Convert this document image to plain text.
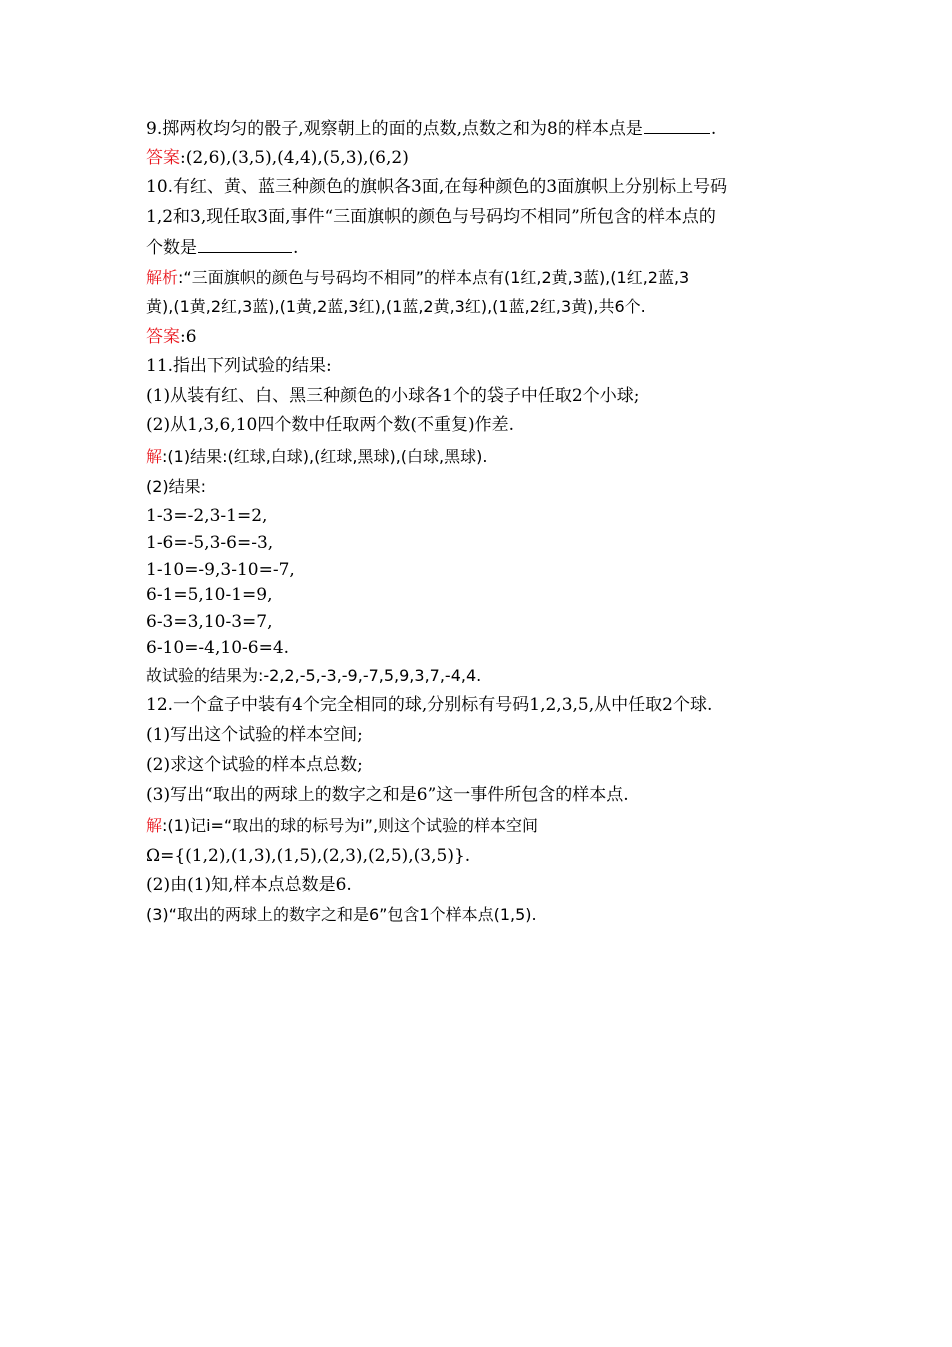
9.掷两枚均匀的骰子,观察朝上的面的点数,点数之和为8的样本点是	.
答案:(2,6),(3,5),(4,4),(5,3),(6,2)
10.有红、黄、蓝三种颜色的旗帜各3面,在每种颜色的3面旗帜上分别标上号码
1,2和3,现任取3面,事件“三面旗帜的颜色与号码均不相同”所包含的样本点的
个数是	.
解析:“三面旗帜的颜色与号码均不相同”的样本点有(1红,2黄,3蓝),(1红,2蓝,3
黄),(1黄,2红,3蓝),(1黄,2蓝,3红),(1蓝,2黄,3红),(1蓝,2红,3黄),共6个.
答案:6
11.指出下列试验的结果:
(1)从装有红、白、黑三种颜色的小球各1个的袋子中任取2个小球;
(2)从1,3,6,10四个数中任取两个数(不重复)作差.
解:(1)结果:(红球,白球),(红球,黑球),(白球,黑球).
(2)结果:
1-3=-2,3-1=2,
1-6=-5,3-6=-3,
1-10=-9,3-10=-7,
6-1=5,10-1=9,
6-3=3,10-3=7,
6-10=-4,10-6=4.
故试验的结果为:-2,2,-5,-3,-9,-7,5,9,3,7,-4,4.
12.一个盒子中装有4个完全相同的球,分别标有号码1,2,3,5,从中任取2个球.
(1)写出这个试验的样本空间;
(2)求这个试验的样本点总数;
(3)写出“取出的两球上的数字之和是6”这一事件所包含的样本点.
解:(1)记i=“取出的球的标号为i”,则这个试验的样本空间
Ω={(1,2),(1,3),(1,5),(2,3),(2,5),(3,5)}.
(2)由(1)知,样本点总数是6.
(3)“取出的两球上的数字之和是6”包含1个样本点(1,5).
